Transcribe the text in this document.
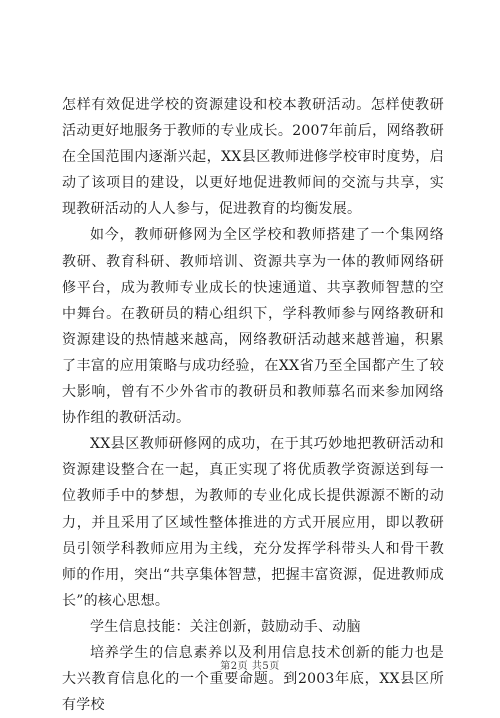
怎样有效促进学校的资源建设和校本教研活动。怎样使教研活动更好地服务于教师的专业成长。2007年前后，网络教研在全国范围内逐渐兴起，XX县区教师进修学校审时度势，启动了该项目的建设，以更好地促进教师间的交流与共享，实现教研活动的人人参与，促进教育的均衡发展。

如今，教师研修网为全区学校和教师搭建了一个集网络教研、教育科研、教师培训、资源共享为一体的教师网络研修平台，成为教师专业成长的快速通道、共享教师智慧的空中舞台。在教研员的精心组织下，学科教师参与网络教研和资源建设的热情越来越高，网络教研活动越来越普遍，积累了丰富的应用策略与成功经验，在XX省乃至全国都产生了较大影响，曾有不少外省市的教研员和教师慕名而来参加网络协作组的教研活动。

XX县区教师研修网的成功，在于其巧妙地把教研活动和资源建设整合在一起，真正实现了将优质教学资源送到每一位教师手中的梦想，为教师的专业化成长提供源源不断的动力，并且采用了区域性整体推进的方式开展应用，即以教研员引领学科教师应用为主线，充分发挥学科带头人和骨干教师的作用，突出“共享集体智慧，把握丰富资源，促进教师成长”的核心思想。

学生信息技能：关注创新，鼓励动手、动脑

培养学生的信息素养以及利用信息技术创新的能力也是大兴教育信息化的一个重要命题。到2003年底，XX县区所有学校

第2页 共5页
